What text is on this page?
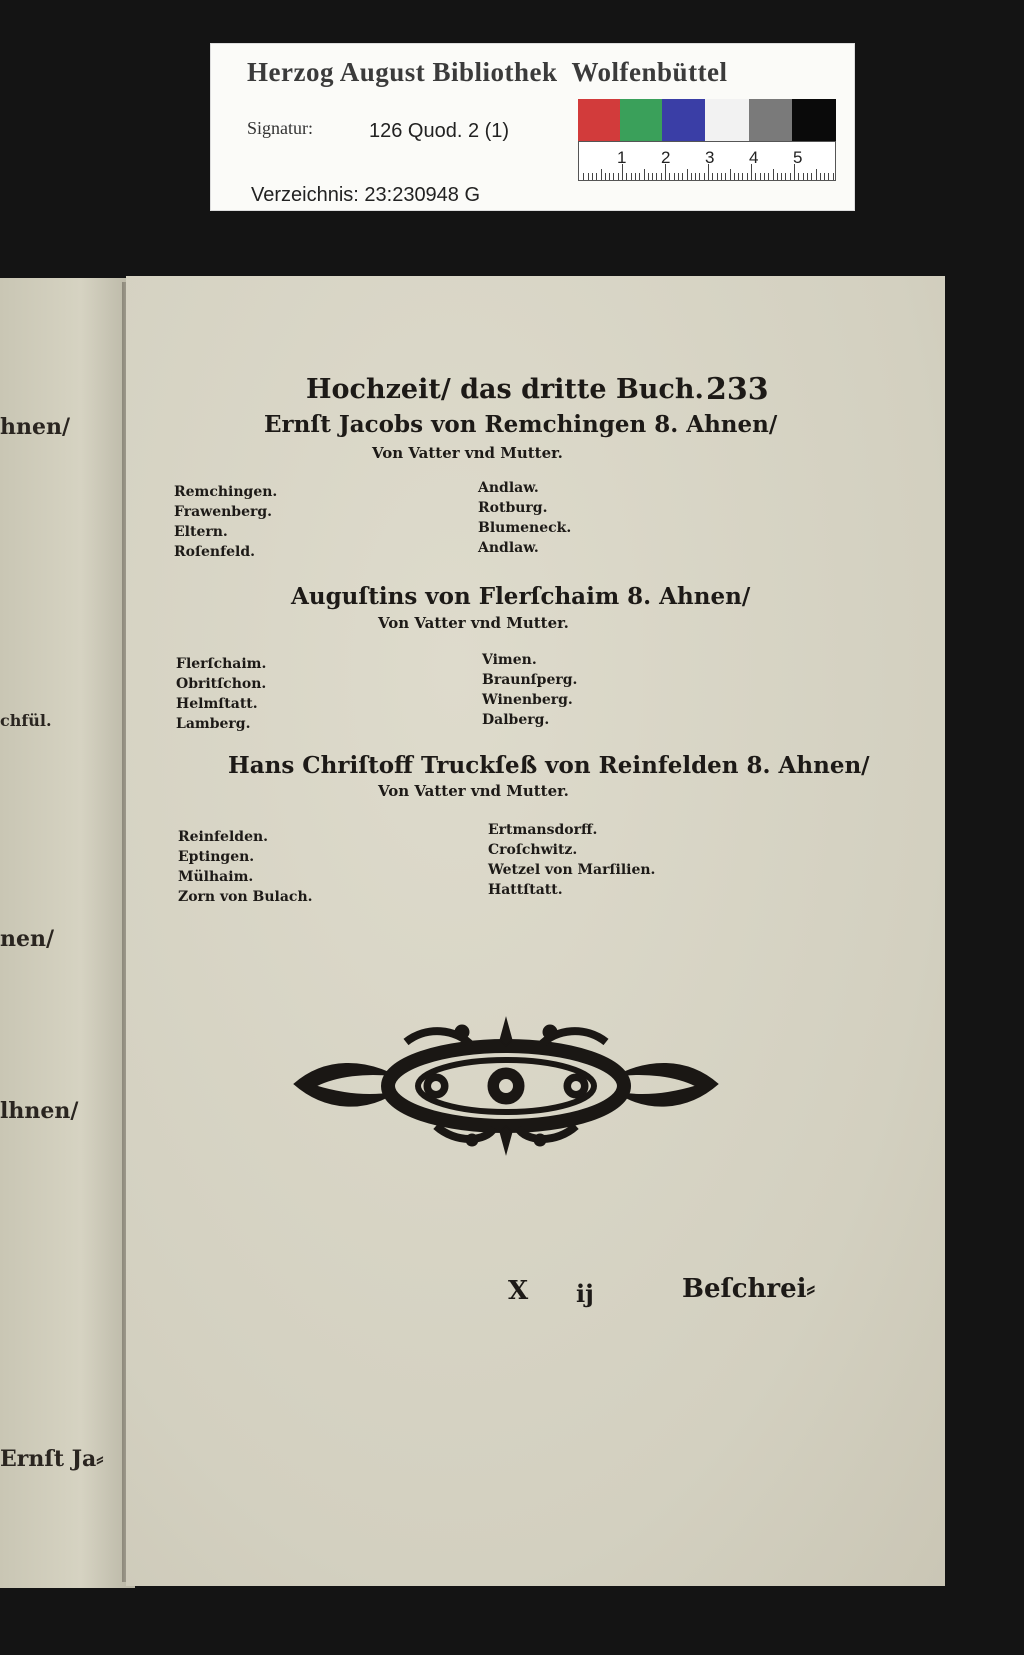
Herzog August Bibliothek  Wolfenbüttel
Signatur:	126 Quod. 2 (1)
Verzeichnis: 23:230948 G
1 2 3 4 5
hnen/
chfül.
nen/
lhnen/
Ernſt Ja⸗
Hochzeit/ das dritte Buch. 233
Ernſt Jacobs von Remchingen 8. Ahnen/
Von Vatter vnd Mutter.
Remchingen.
Frawenberg.
Eltern.
Roſenfeld.
Andlaw.
Rotburg.
Blumeneck.
Andlaw.
Auguſtins von Flerſchaim 8. Ahnen/
Von Vatter vnd Mutter.
Flerſchaim.
Obritſchon.
Helmſtatt.
Lamberg.
Vimen.
Braunſperg.
Winenberg.
Dalberg.
Hans Chriſtoff Truckſeß von Reinfelden 8. Ahnen/
Von Vatter vnd Mutter.
Reinfelden.
Eptingen.
Mülhaim.
Zorn von Bulach.
Ertmansdorff.
Croſchwitz.
Wetzel von Marſilien.
Hattſtatt.
X ij	Beſchrei⸗
